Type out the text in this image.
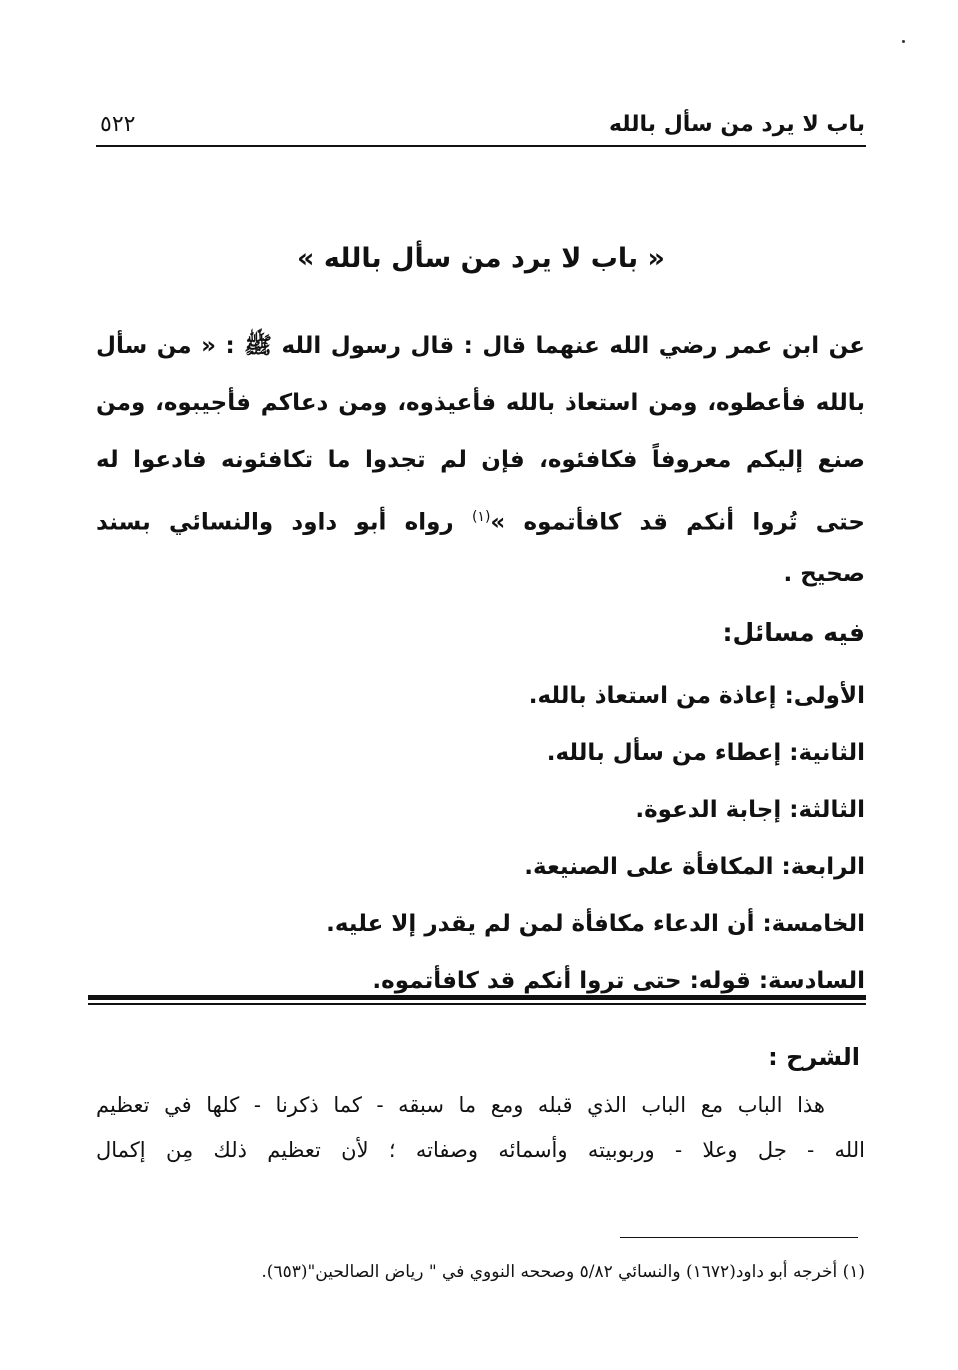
باب لا يرد من سأل بالله
٥٢٢
« باب لا يرد من سأل بالله »
عن ابن عمر رضي الله عنهما قال : قال رسول الله ﷺ : « من سأل
بالله فأعطوه، ومن استعاذ بالله فأعيذوه، ومن دعاكم فأجيبوه، ومن
صنع إليكم معروفاً فكافئوه، فإن لم تجدوا ما تكافئونه فادعوا له
حتى تُروا أنكم قد كافأتموه »$^{(١)}$ رواه أبو داود والنسائي بسند
صحيح .
فيه مسائل:
الأولى: إعاذة من استعاذ بالله.
الثانية: إعطاء من سأل بالله.
الثالثة: إجابة الدعوة.
الرابعة: المكافأة على الصنيعة.
الخامسة: أن الدعاء مكافأة لمن لم يقدر إلا عليه.
السادسة: قوله: حتى تروا أنكم قد كافأتموه.
الشرح :
هذا الباب مع الباب الذي قبله ومع ما سبقه - كما ذكرنا - كلها في تعظيم
الله - جل وعلا - وربوبيته وأسمائه وصفاته ؛ لأن تعظيم ذلك مِن إكمال
(١) أخرجه أبو داود(١٦٧٢) والنسائي ٥/٨٢ وصححه النووي في " رياض الصالحين"(٦٥٣).
